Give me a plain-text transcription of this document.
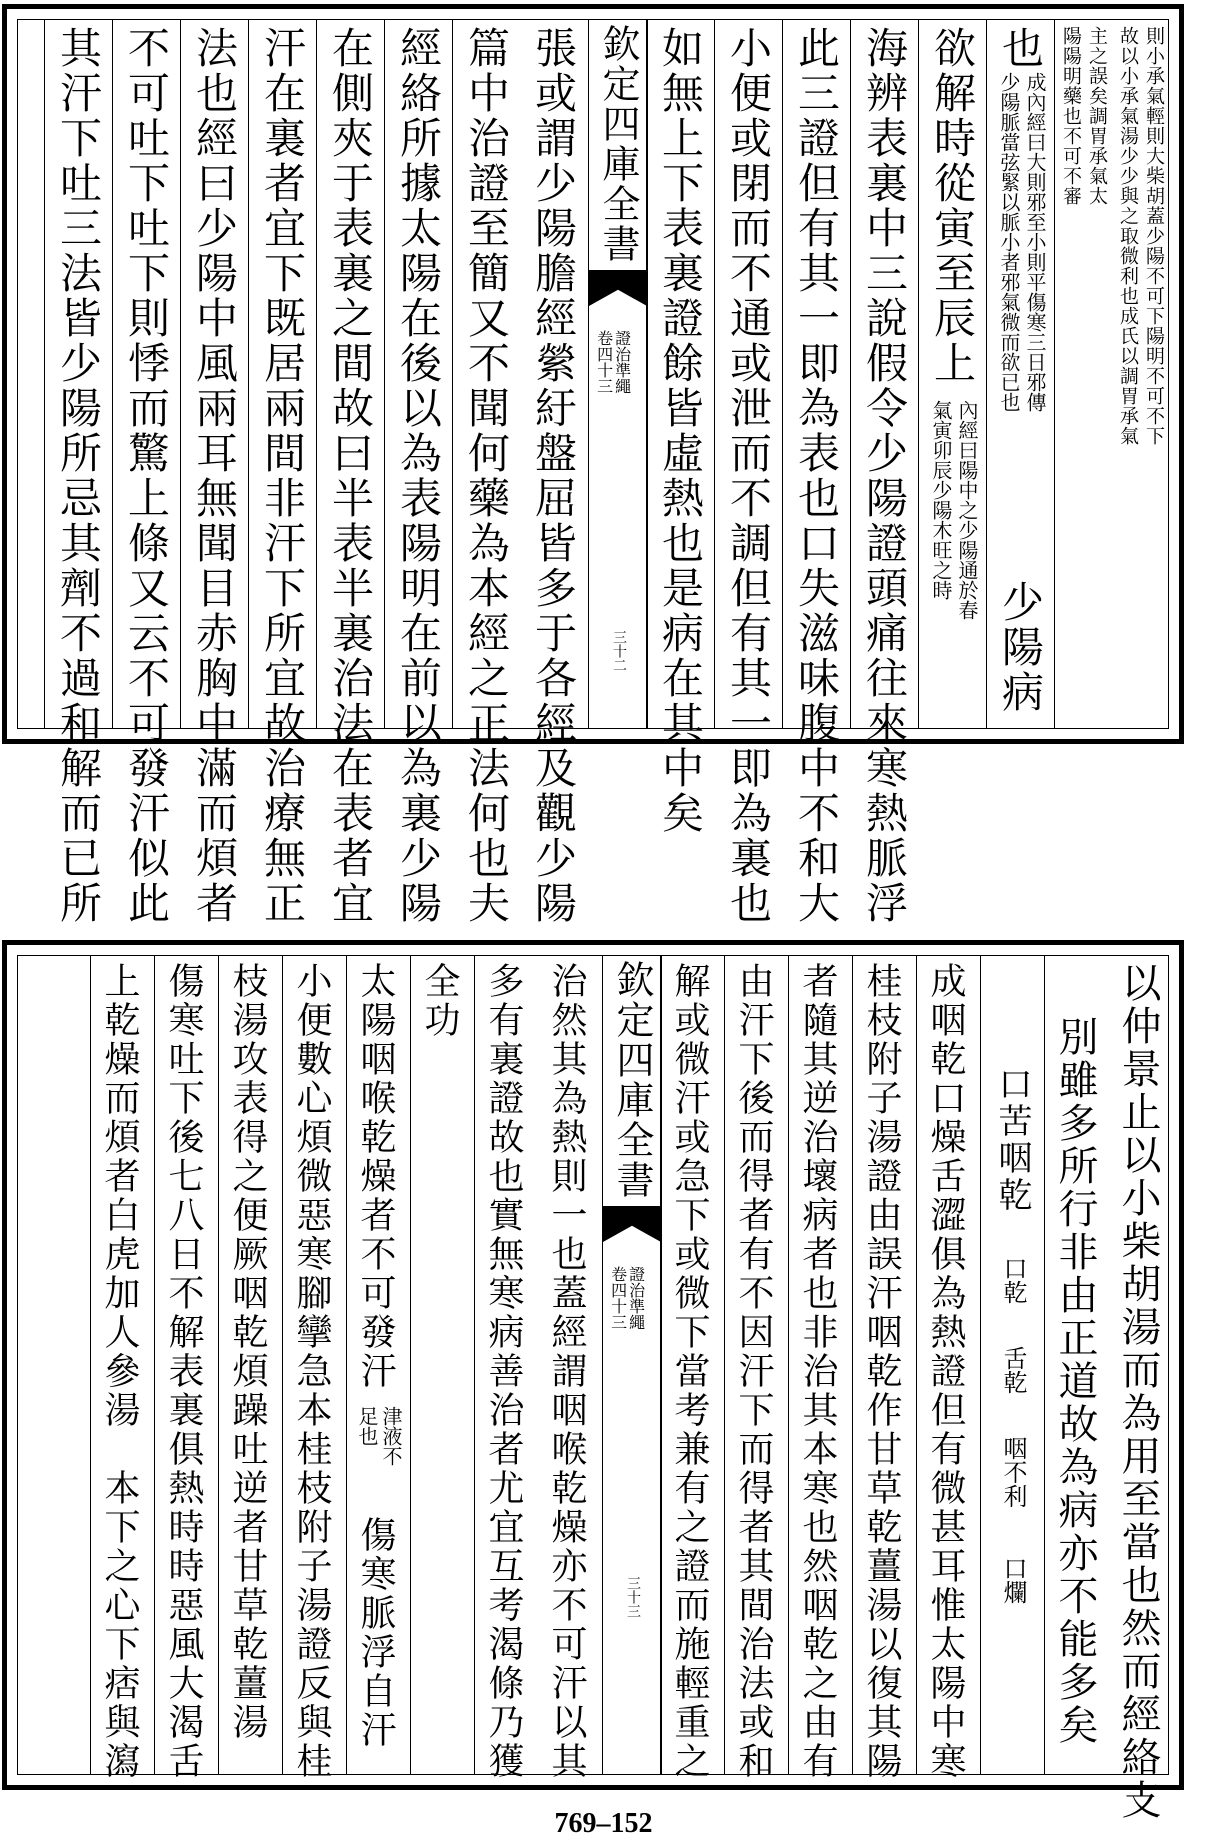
則小承氣輕則大柴胡蓋少陽不可下陽明不可不下
故以小承氣湯少少與之取微利也成氏以調胃承氣
主之誤矣調胃承氣太
陽陽明藥也不可不審
也
成內經曰大則邪至小則平傷寒三日邪傳
少陽脈當弦緊以脈小者邪氣微而欲已也
少陽病
欲解時從寅至辰上
內經曰陽中之少陽通於春
氣寅卯辰少陽木旺之時
海辨表裏中三說假令少陽證頭痛往來寒熱脈浮
此三證但有其一即為表也口失滋味腹中不和大
小便或閉而不通或泄而不調但有其一即為裏也
如無上下表裏證餘皆虛熱也是病在其中矣
欽定四庫全書
證治準繩
卷四十三
三十二
張或謂少陽膽經縈紆盤屈皆多于各經及觀少陽
篇中治證至簡又不聞何藥為本經之正法何也夫
經絡所據太陽在後以為表陽明在前以為裏少陽
在側夾于表裏之間故曰半表半裏治法在表者宜
汗在裏者宜下既居兩間非汗下所宜故治療無正
法也經曰少陽中風兩耳無聞目赤胸中滿而煩者
不可吐下吐下則悸而驚上條又云不可發汗似此
其汗下吐三法皆少陽所忌其劑不過和解而已所
以仲景止以小柴胡湯而為用至當也然而經絡支
別雖多所行非由正道故為病亦不能多矣
口苦咽乾
口乾
舌乾
咽不利
口爛
成咽乾口燥舌澀俱為熱證但有微甚耳惟太陽中寒
桂枝附子湯證由誤汗咽乾作甘草乾薑湯以復其陽
者隨其逆治壞病者也非治其本寒也然咽乾之由有
由汗下後而得者有不因汗下而得者其間治法或和
解或微汗或急下或微下當考兼有之證而施輕重之
欽定四庫全書
證治準繩
卷四十三
三十三
治然其為熱則一也蓋經謂咽喉乾燥亦不可汗以其
多有裏證故也實無寒病善治者尤宜互考渴條乃獲
全功
太陽咽喉乾燥者不可發汗
津液不
足也
傷寒脈浮自汗
小便數心煩微惡寒腳攣急本桂枝附子湯證反與桂
枝湯攻表得之便厥咽乾煩躁吐逆者甘草乾薑湯
傷寒吐下後七八日不解表裏俱熱時時惡風大渴舌
上乾燥而煩者白虎加人參湯　本下之心下痞與瀉
769–152
